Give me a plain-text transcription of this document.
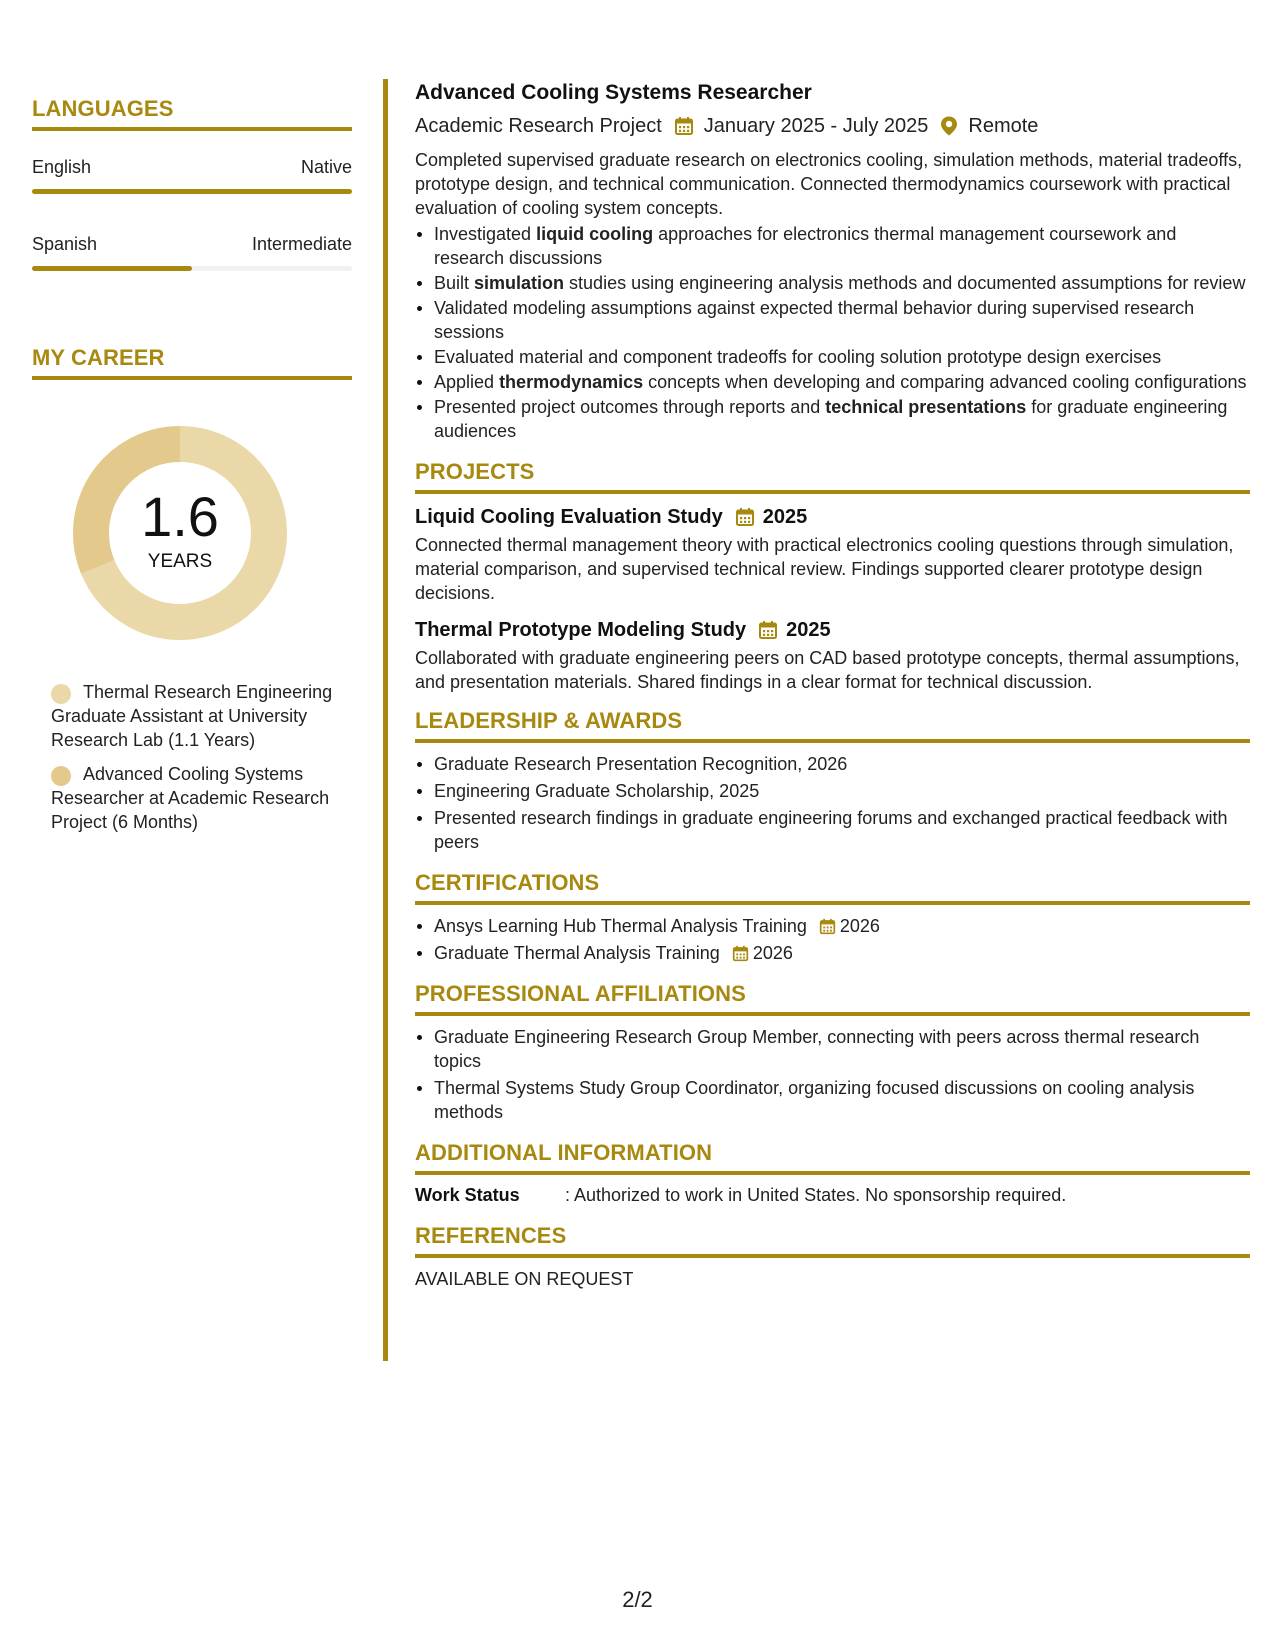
LANGUAGES
English	Native
Spanish	Intermediate
MY CAREER
1.6
YEARS
Thermal Research Engineering Graduate Assistant at University Research Lab (1.1 Years)
Advanced Cooling Systems Researcher at Academic Research Project (6 Months)
Advanced Cooling Systems Researcher
Academic Research Project January 2025 - July 2025 Remote

Completed supervised graduate research on electronics cooling, simulation methods, material tradeoffs, prototype design, and technical communication. Connected thermodynamics coursework with practical evaluation of cooling system concepts.

Investigated liquid cooling approaches for electronics thermal management coursework and research discussions
Built simulation studies using engineering analysis methods and documented assumptions for review
Validated modeling assumptions against expected thermal behavior during supervised research sessions
Evaluated material and component tradeoffs for cooling solution prototype design exercises
Applied thermodynamics concepts when developing and comparing advanced cooling configurations
Presented project outcomes through reports and technical presentations for graduate engineering audiences
PROJECTS
Liquid Cooling Evaluation Study 2025

Connected thermal management theory with practical electronics cooling questions through simulation, material comparison, and supervised technical review. Findings supported clearer prototype design decisions.

Thermal Prototype Modeling Study 2025

Collaborated with graduate engineering peers on CAD based prototype concepts, thermal assumptions, and presentation materials. Shared findings in a clear format for technical discussion.

LEADERSHIP & AWARDS
Graduate Research Presentation Recognition, 2026
Engineering Graduate Scholarship, 2025
Presented research findings in graduate engineering forums and exchanged practical feedback with peers
CERTIFICATIONS
Ansys Learning Hub Thermal Analysis Training 2026
Graduate Thermal Analysis Training 2026
PROFESSIONAL AFFILIATIONS
Graduate Engineering Research Group Member, connecting with peers across thermal research topics
Thermal Systems Study Group Coordinator, organizing focused discussions on cooling analysis methods
ADDITIONAL INFORMATION
Work Status	: Authorized to work in United States. No sponsorship required.
REFERENCES
AVAILABLE ON REQUEST
2/2
